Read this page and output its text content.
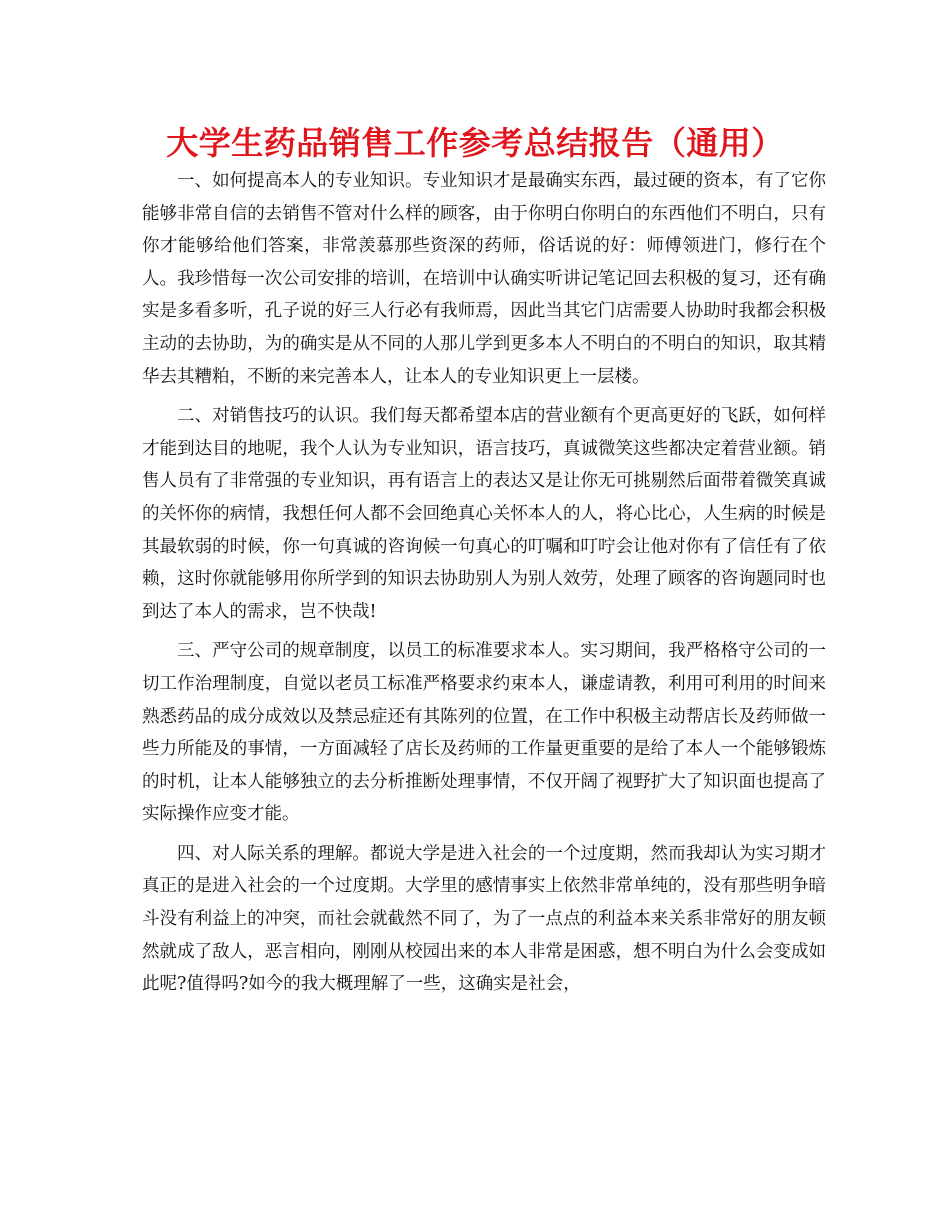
大学生药品销售工作参考总结报告（通用）

一、如何提高本人的专业知识。专业知识才是最确实东西，最过硬的资本，有了它你能够非常自信的去销售不管对什么样的顾客，由于你明白你明白的东西他们不明白，只有你才能够给他们答案，非常羡慕那些资深的药师，俗话说的好：师傅领进门，修行在个人。我珍惜每一次公司安排的培训，在培训中认确实听讲记笔记回去积极的复习，还有确实是多看多听，孔子说的好三人行必有我师焉，因此当其它门店需要人协助时我都会积极主动的去协助，为的确实是从不同的人那儿学到更多本人不明白的不明白的知识，取其精华去其糟粕，不断的来完善本人，让本人的专业知识更上一层楼。

二、对销售技巧的认识。我们每天都希望本店的营业额有个更高更好的飞跃，如何样才能到达目的地呢，我个人认为专业知识，语言技巧，真诚微笑这些都决定着营业额。销售人员有了非常强的专业知识，再有语言上的表达又是让你无可挑剔然后面带着微笑真诚的关怀你的病情，我想任何人都不会回绝真心关怀本人的人，将心比心，人生病的时候是其最软弱的时候，你一句真诚的咨询候一句真心的叮嘱和叮咛会让他对你有了信任有了依赖，这时你就能够用你所学到的知识去协助别人为别人效劳，处理了顾客的咨询题同时也到达了本人的需求，岂不快哉!

三、严守公司的规章制度，以员工的标准要求本人。实习期间，我严格格守公司的一切工作治理制度，自觉以老员工标准严格要求约束本人，谦虚请教，利用可利用的时间来熟悉药品的成分成效以及禁忌症还有其陈列的位置，在工作中积极主动帮店长及药师做一些力所能及的事情，一方面减轻了店长及药师的工作量更重要的是给了本人一个能够锻炼的时机，让本人能够独立的去分析推断处理事情，不仅开阔了视野扩大了知识面也提高了实际操作应变才能。

四、对人际关系的理解。都说大学是进入社会的一个过度期，然而我却认为实习期才真正的是进入社会的一个过度期。大学里的感情事实上依然非常单纯的，没有那些明争暗斗没有利益上的冲突，而社会就截然不同了，为了一点点的利益本来关系非常好的朋友顿然就成了敌人，恶言相向，刚刚从校园出来的本人非常是困惑，想不明白为什么会变成如此呢?值得吗?如今的我大概理解了一些，这确实是社会，
